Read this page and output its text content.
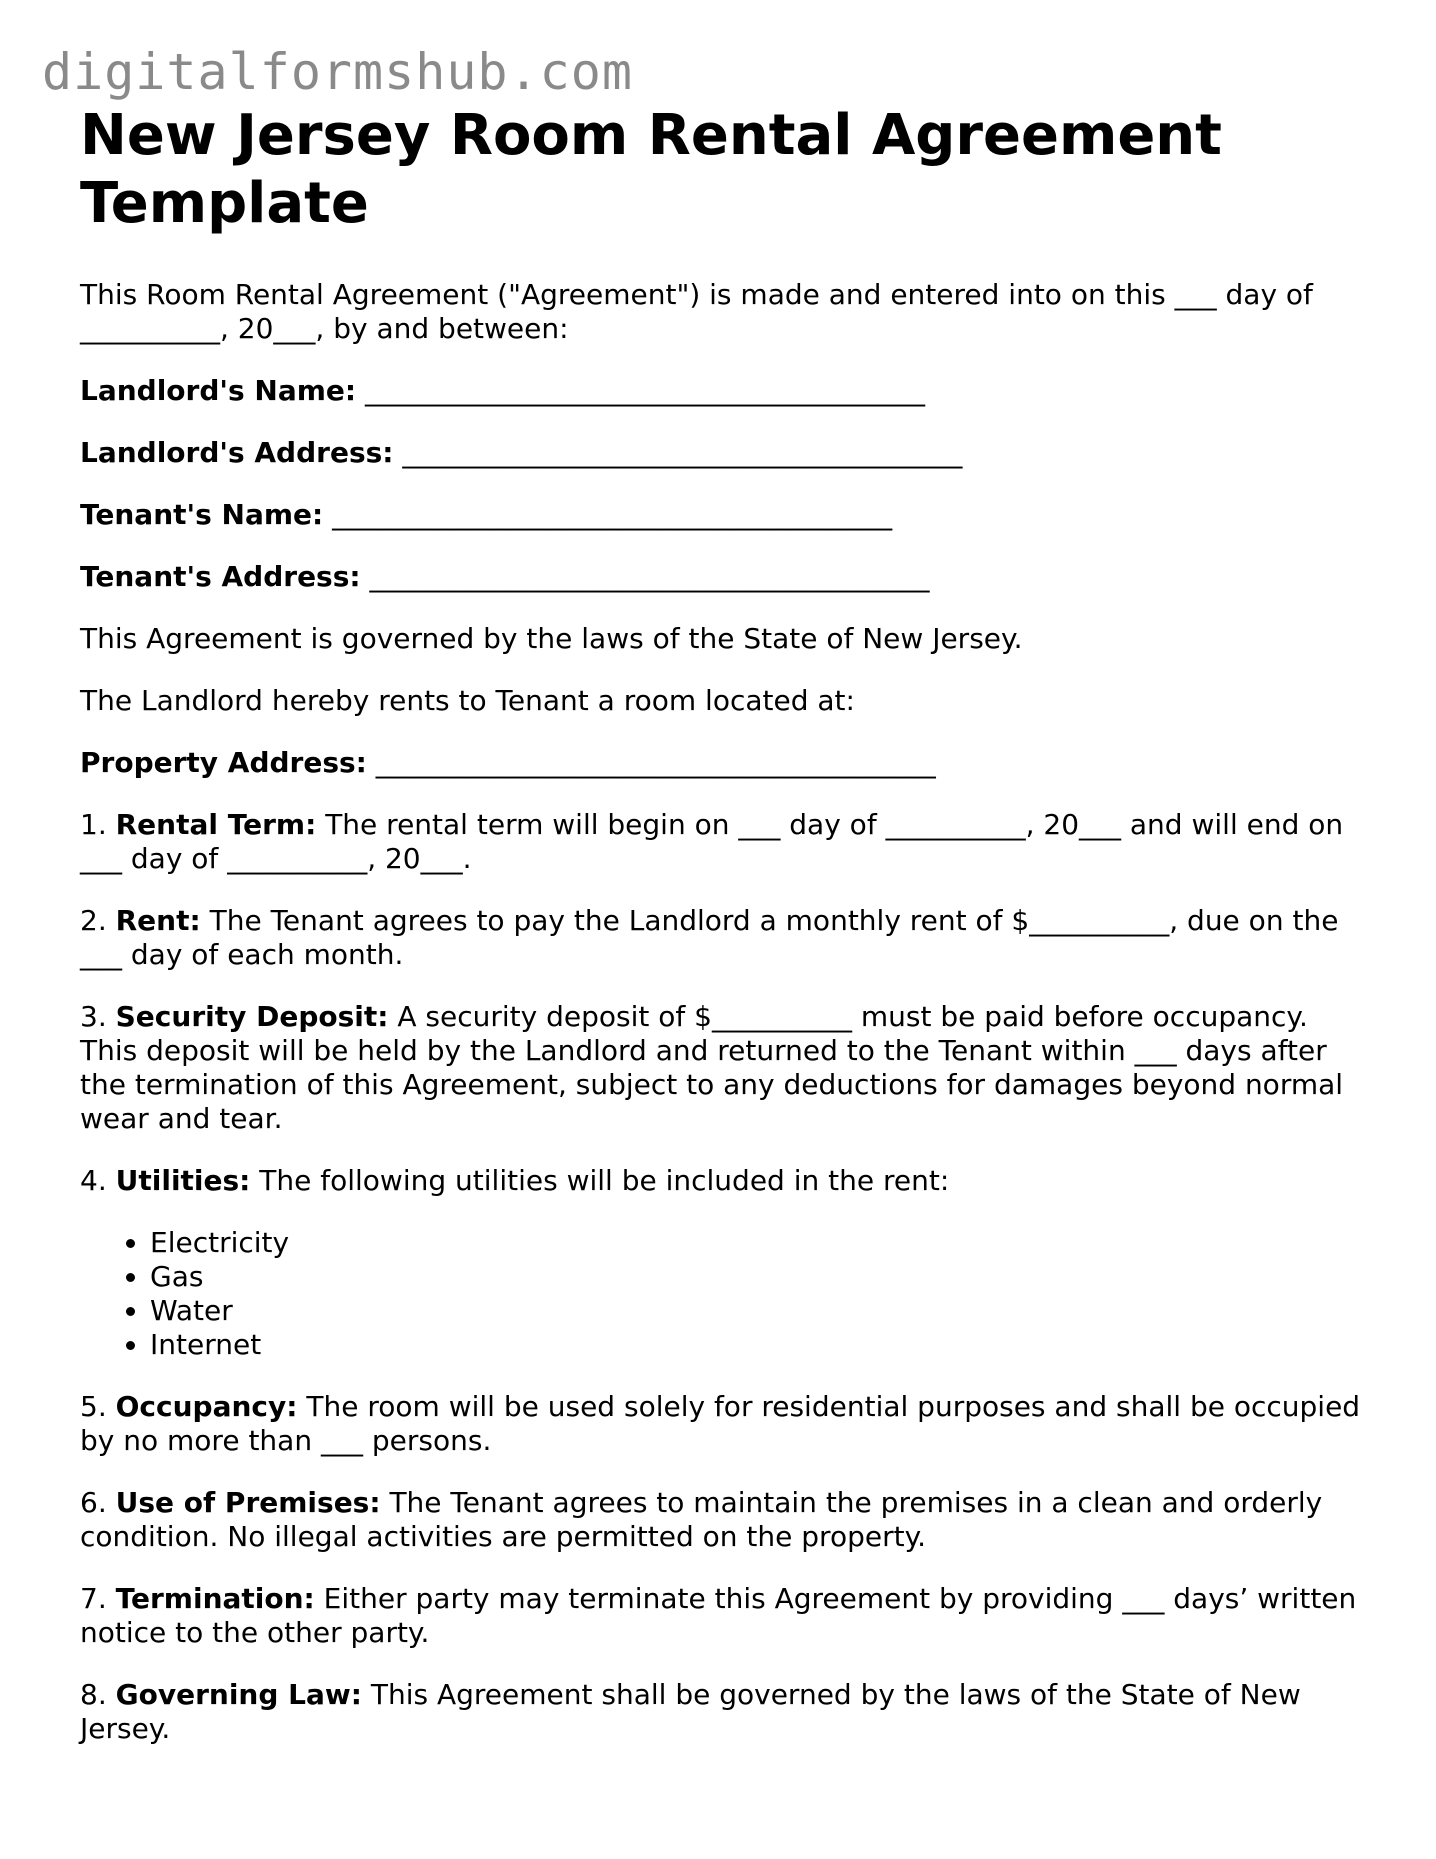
digitalformshub.com
New Jersey Room Rental Agreement Template

This Room Rental Agreement ("Agreement") is made and entered into on this ___ day of __________, 20___, by and between:

Landlord's Name: ________________________________________

Landlord's Address: ________________________________________

Tenant's Name: ________________________________________

Tenant's Address: ________________________________________

This Agreement is governed by the laws of the State of New Jersey.

The Landlord hereby rents to Tenant a room located at:

Property Address: ________________________________________

1. Rental Term: The rental term will begin on ___ day of __________, 20___ and will end on ___ day of __________, 20___.

2. Rent: The Tenant agrees to pay the Landlord a monthly rent of $__________, due on the ___ day of each month.

3. Security Deposit: A security deposit of $__________ must be paid before occupancy. This deposit will be held by the Landlord and returned to the Tenant within ___ days after the termination of this Agreement, subject to any deductions for damages beyond normal wear and tear.

4. Utilities: The following utilities will be included in the rent:

• Electricity
• Gas
• Water
• Internet

5. Occupancy: The room will be used solely for residential purposes and shall be occupied by no more than ___ persons.

6. Use of Premises: The Tenant agrees to maintain the premises in a clean and orderly condition. No illegal activities are permitted on the property.

7. Termination: Either party may terminate this Agreement by providing ___ days’ written notice to the other party.

8. Governing Law: This Agreement shall be governed by the laws of the State of New Jersey.
